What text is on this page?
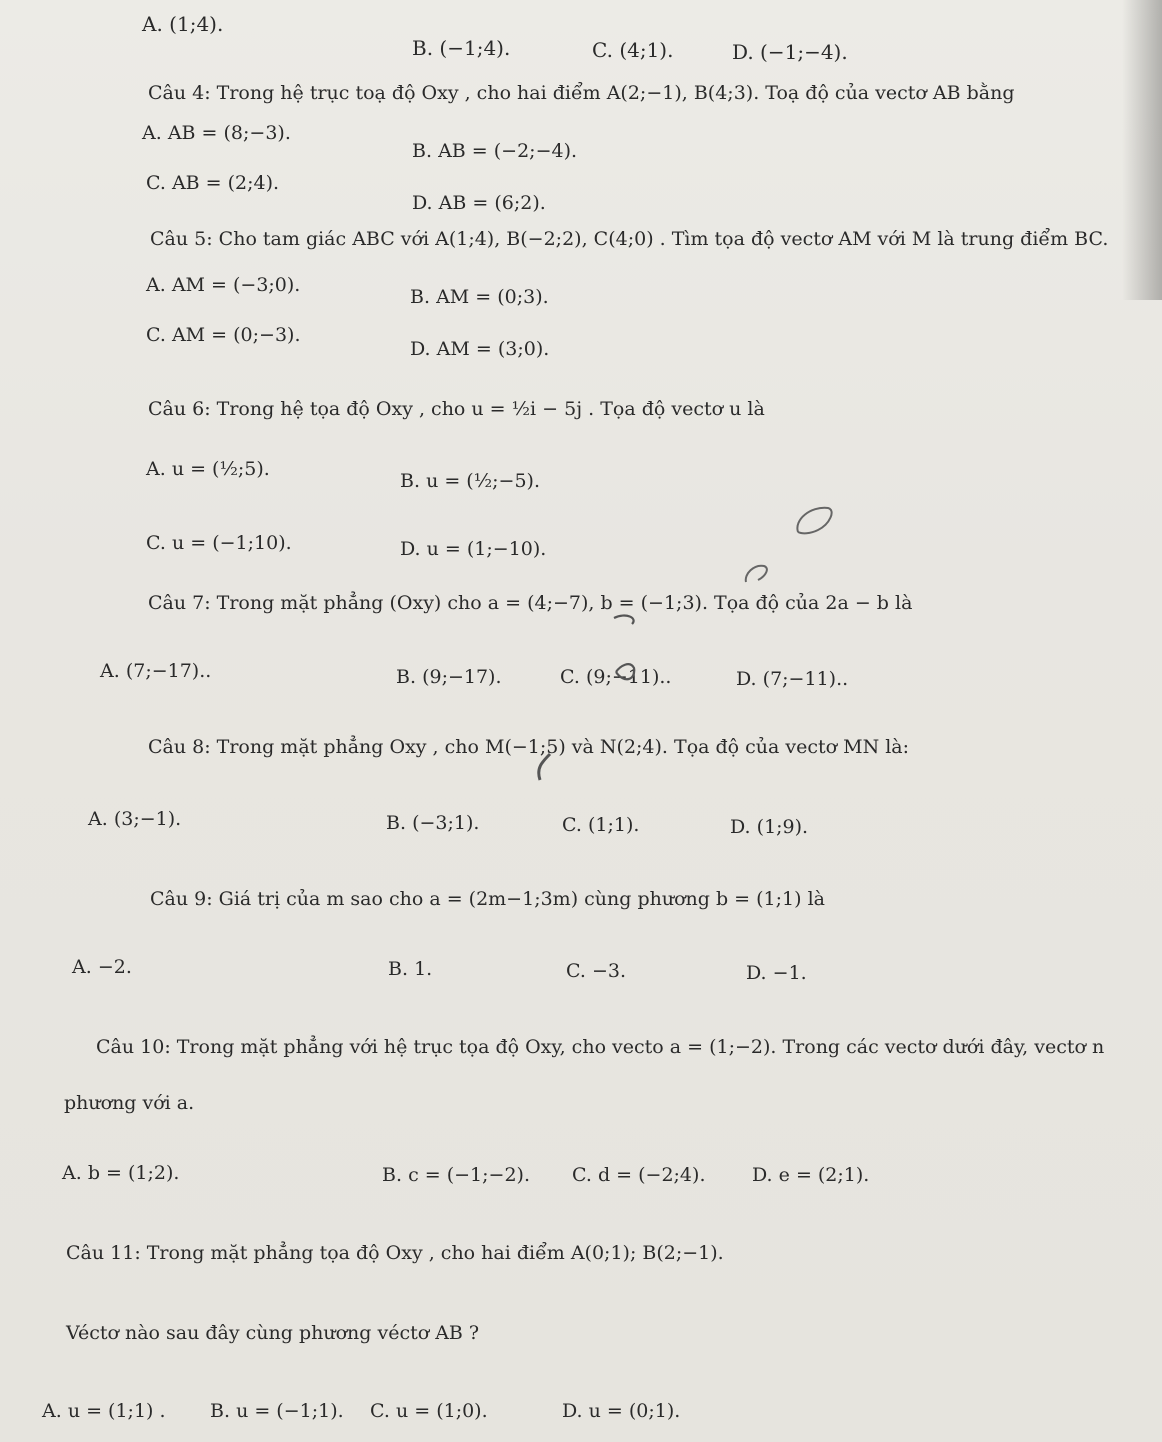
A. (1;4).
B. (−1;4).	C. (4;1).	D. (−1;−4).
Câu 4: Trong hệ trục toạ độ Oxy , cho hai điểm A(2;−1), B(4;3). Toạ độ của vectơ AB bằng
A. AB = (8;−3).
B. AB = (−2;−4).
C. AB = (2;4).
D. AB = (6;2).
Câu 5: Cho tam giác ABC với A(1;4), B(−2;2), C(4;0) . Tìm tọa độ vectơ AM với M là trung điểm BC.
A. AM = (−3;0).
B. AM = (0;3).
C. AM = (0;−3).
D. AM = (3;0).
Câu 6: Trong hệ tọa độ Oxy , cho u = ½i − 5j . Tọa độ vectơ u là
A. u = (½;5).
B. u = (½;−5).
C. u = (−1;10).	D. u = (1;−10).
Câu 7: Trong mặt phẳng (Oxy) cho a = (4;−7), b = (−1;3). Tọa độ của 2a − b là
A. (7;−17)..	B. (9;−17).	C. (9;−11)..	D. (7;−11)..
Câu 8: Trong mặt phẳng Oxy , cho M(−1;5) và N(2;4). Tọa độ của vectơ MN là:
A. (3;−1).	B. (−3;1).	C. (1;1).	D. (1;9).
Câu 9: Giá trị của m sao cho a = (2m−1;3m) cùng phương b = (1;1) là
A. −2.	B. 1.	C. −3.	D. −1.
Câu 10: Trong mặt phẳng với hệ trục tọa độ Oxy, cho vecto a = (1;−2). Trong các vectơ dưới đây, vectơ n
phương với a.
A. b = (1;2).	B. c = (−1;−2). C. d = (−2;4). D. e = (2;1).
Câu 11: Trong mặt phẳng tọa độ Oxy , cho hai điểm A(0;1); B(2;−1).
Véctơ nào sau đây cùng phương véctơ AB ?
A. u = (1;1) . B. u = (−1;1). C. u = (1;0).	D. u = (0;1).
